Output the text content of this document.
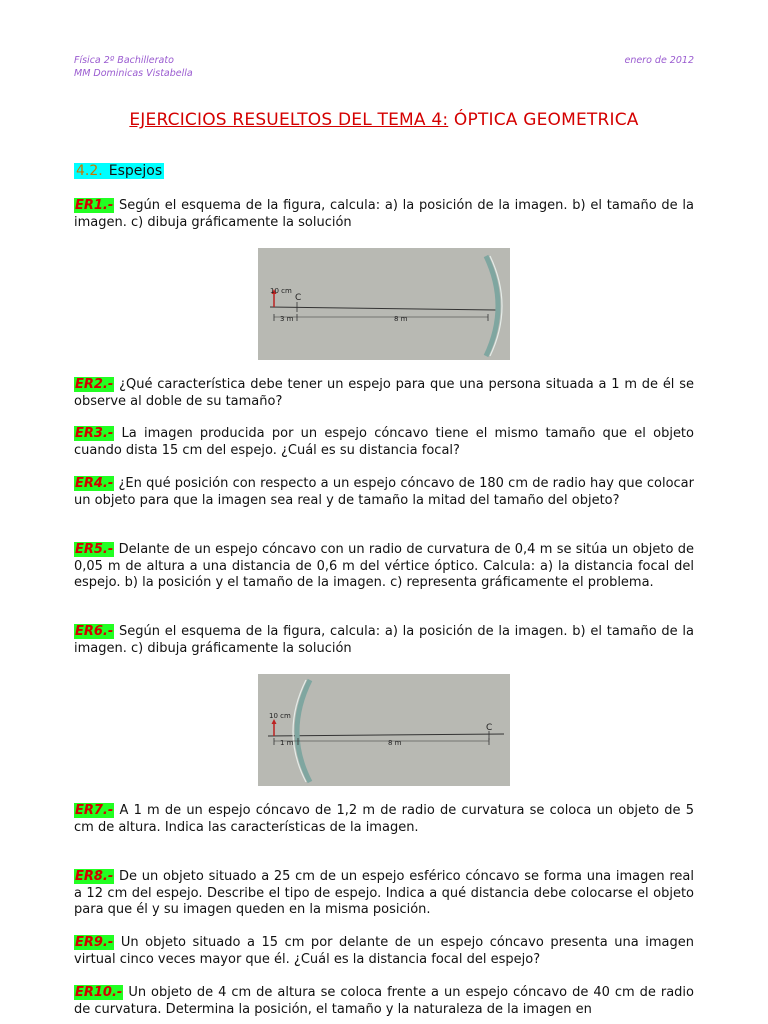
Física 2º Bachillerato
MM Dominicas Vistabella
enero de 2012
EJERCICIOS RESUELTOS DEL TEMA 4: ÓPTICA GEOMETRICA
4.2. Espejos
ER1.- Según el esquema de la figura, calcula: a) la posición de la imagen. b) el tamaño de la imagen. c) dibuja gráficamente la solución
10 cm
C
3 m	8 m
ER2.- ¿Qué característica debe tener un espejo para que una persona situada a 1 m de él se observe al doble de su tamaño?
ER3.- La imagen producida por un espejo cóncavo tiene el mismo tamaño que el objeto cuando dista 15 cm del espejo. ¿Cuál es su distancia focal?
ER4.- ¿En qué posición con respecto a un espejo cóncavo de 180 cm de radio hay que colocar un objeto para que la imagen sea real y de tamaño la mitad del tamaño del objeto?
ER5.- Delante de un espejo cóncavo con un radio de curvatura de 0,4 m se sitúa un objeto de 0,05 m de altura a una distancia de 0,6 m del vértice óptico. Calcula: a) la distancia focal del espejo. b) la posición y el tamaño de la imagen. c) representa gráficamente el problema.
ER6.- Según el esquema de la figura, calcula: a) la posición de la imagen. b) el tamaño de la imagen. c) dibuja gráficamente la solución
10 cm
C
1 m	8 m
ER7.- A 1 m de un espejo cóncavo de 1,2 m de radio de curvatura se coloca un objeto de 5 cm de altura. Indica las características de la imagen.
ER8.- De un objeto situado a 25 cm de un espejo esférico cóncavo se forma una imagen real a 12 cm del espejo. Describe el tipo de espejo. Indica a qué distancia debe colocarse el objeto para que él y su imagen queden en la misma posición.
ER9.- Un objeto situado a 15 cm por delante de un espejo cóncavo presenta una imagen virtual cinco veces mayor que él. ¿Cuál es la distancia focal del espejo?
ER10.- Un objeto de 4 cm de altura se coloca frente a un espejo cóncavo de 40 cm de radio de curvatura. Determina la posición, el tamaño y la naturaleza de la imagen en
